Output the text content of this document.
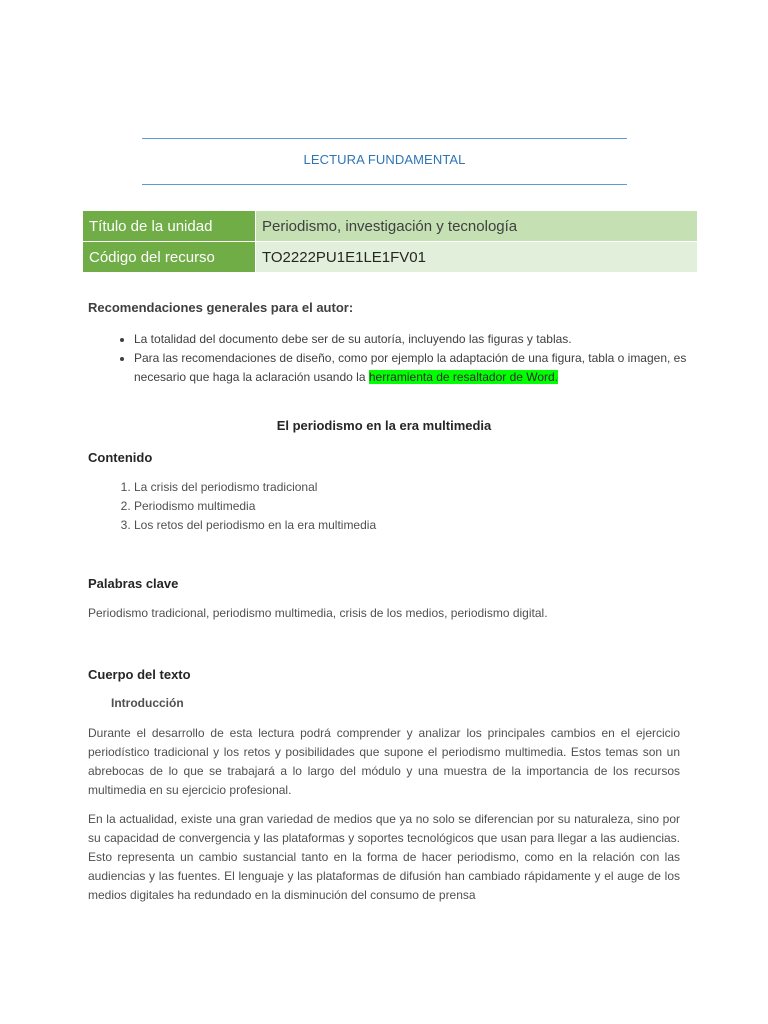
LECTURA FUNDAMENTAL
Título de la unidad	Periodismo, investigación y tecnología
Código del recurso	TO2222PU1E1LE1FV01
Recomendaciones generales para el autor:
• La totalidad del documento debe ser de su autoría, incluyendo las figuras y tablas.
• Para las recomendaciones de diseño, como por ejemplo la adaptación de una figura, tabla o imagen, es necesario que haga la aclaración usando la herramienta de resaltador de Word.
El periodismo en la era multimedia
Contenido
1. La crisis del periodismo tradicional
2. Periodismo multimedia
3. Los retos del periodismo en la era multimedia
Palabras clave
Periodismo tradicional, periodismo multimedia, crisis de los medios, periodismo digital.
Cuerpo del texto
Introducción
Durante el desarrollo de esta lectura podrá comprender y analizar los principales cambios en el ejercicio periodístico tradicional y los retos y posibilidades que supone el periodismo multimedia. Estos temas son un abrebocas de lo que se trabajará a lo largo del módulo y una muestra de la importancia de los recursos multimedia en su ejercicio profesional.
En la actualidad, existe una gran variedad de medios que ya no solo se diferencian por su naturaleza, sino por su capacidad de convergencia y las plataformas y soportes tecnológicos que usan para llegar a las audiencias. Esto representa un cambio sustancial tanto en la forma de hacer periodismo, como en la relación con las audiencias y las fuentes. El lenguaje y las plataformas de difusión han cambiado rápidamente y el auge de los medios digitales ha redundado en la disminución del consumo de prensa
